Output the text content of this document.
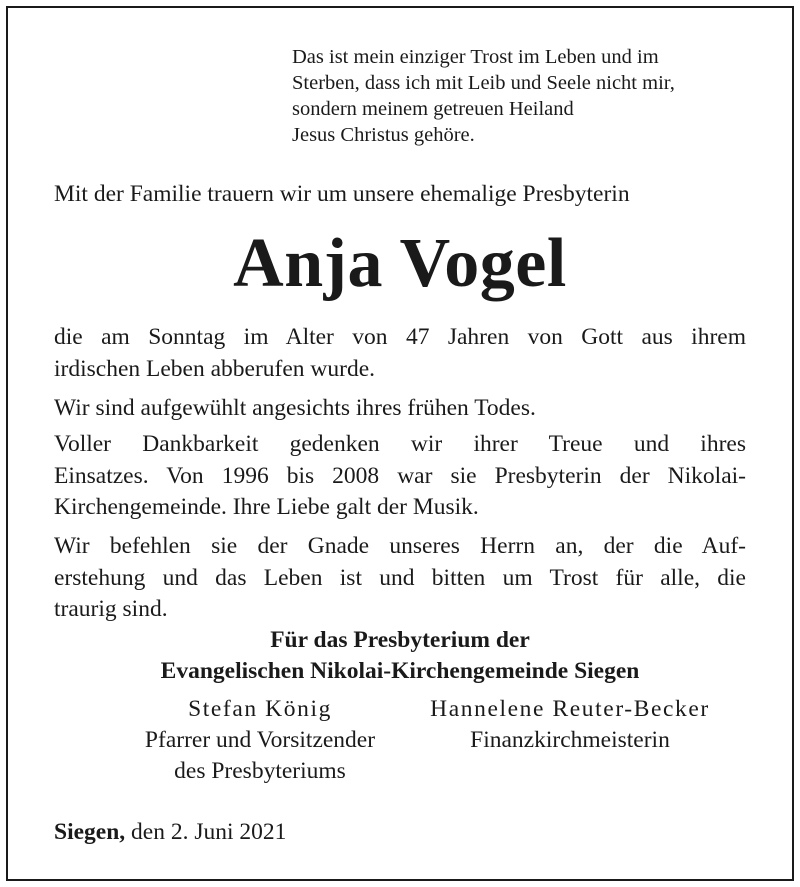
Das ist mein einziger Trost im Leben und im
Sterben, dass ich mit Leib und Seele nicht mir,
sondern meinem getreuen Heiland
Jesus Christus gehöre.
Mit der Familie trauern wir um unsere ehemalige Presbyterin
Anja Vogel
die am Sonntag im Alter von 47 Jahren von Gott aus ihrem
irdischen Leben abberufen wurde.
Wir sind aufgewühlt angesichts ihres frühen Todes.
Voller Dankbarkeit gedenken wir ihrer Treue und ihres
Einsatzes. Von 1996 bis 2008 war sie Presbyterin der Nikolai-
Kirchengemeinde. Ihre Liebe galt der Musik.
Wir befehlen sie der Gnade unseres Herrn an, der die Auf-
erstehung und das Leben ist und bitten um Trost für alle, die
traurig sind.
Für das Presbyterium der
Evangelischen Nikolai-Kirchengemeinde Siegen
Stefan König
Pfarrer und Vorsitzender
des Presbyteriums
Hannelene Reuter-Becker
Finanzkirchmeisterin
Siegen, den 2. Juni 2021
